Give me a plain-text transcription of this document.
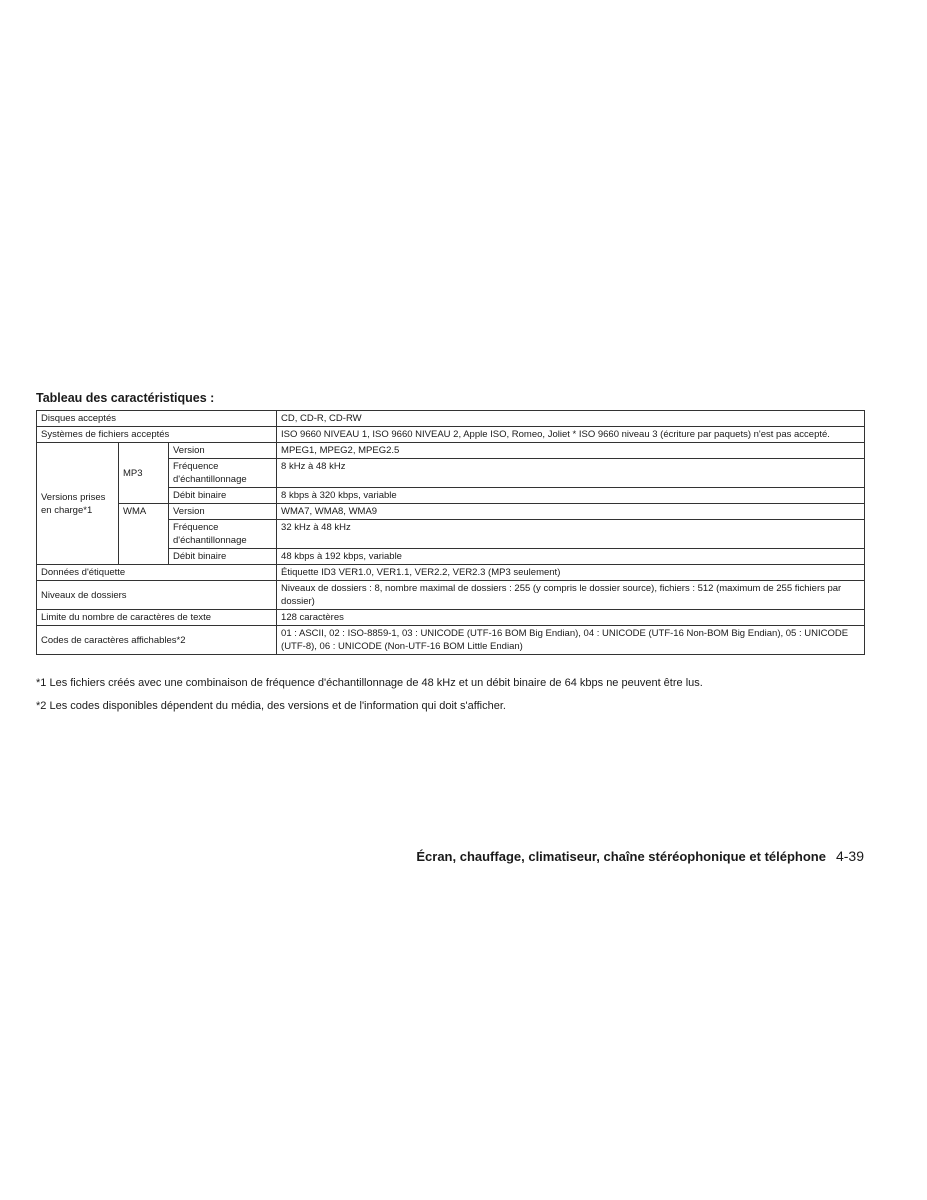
Tableau des caractéristiques :
Disques acceptés			CD, CD-R, CD-RW
Systèmes de fichiers acceptés			ISO 9660 NIVEAU 1, ISO 9660 NIVEAU 2, Apple ISO, Romeo, Joliet * ISO 9660 niveau 3 (écriture par paquets) n'est pas accepté.
Versions prises en charge*1	MP3	Version	MPEG1, MPEG2, MPEG2.5
		Fréquence d'échantillonnage	8 kHz à 48 kHz
		Débit binaire	8 kbps à 320 kbps, variable
	WMA	Version	WMA7, WMA8, WMA9
		Fréquence d'échantillonnage	32 kHz à 48 kHz
		Débit binaire	48 kbps à 192 kbps, variable
Données d'étiquette			Étiquette ID3 VER1.0, VER1.1, VER2.2, VER2.3 (MP3 seulement)
Niveaux de dossiers			Niveaux de dossiers : 8, nombre maximal de dossiers : 255 (y compris le dossier source), fichiers : 512 (maximum de 255 fichiers par dossier)
Limite du nombre de caractères de texte			128 caractères
Codes de caractères affichables*2			01 : ASCII, 02 : ISO-8859-1, 03 : UNICODE (UTF-16 BOM Big Endian), 04 : UNICODE (UTF-16 Non-BOM Big Endian), 05 : UNICODE (UTF-8), 06 : UNICODE (Non-UTF-16 BOM Little Endian)

*1 Les fichiers créés avec une combinaison de fréquence d'échantillonnage de 48 kHz et un débit binaire de 64 kbps ne peuvent être lus.

*2 Les codes disponibles dépendent du média, des versions et de l'information qui doit s'afficher.

Écran, chauffage, climatiseur, chaîne stéréophonique et téléphone 4-39
